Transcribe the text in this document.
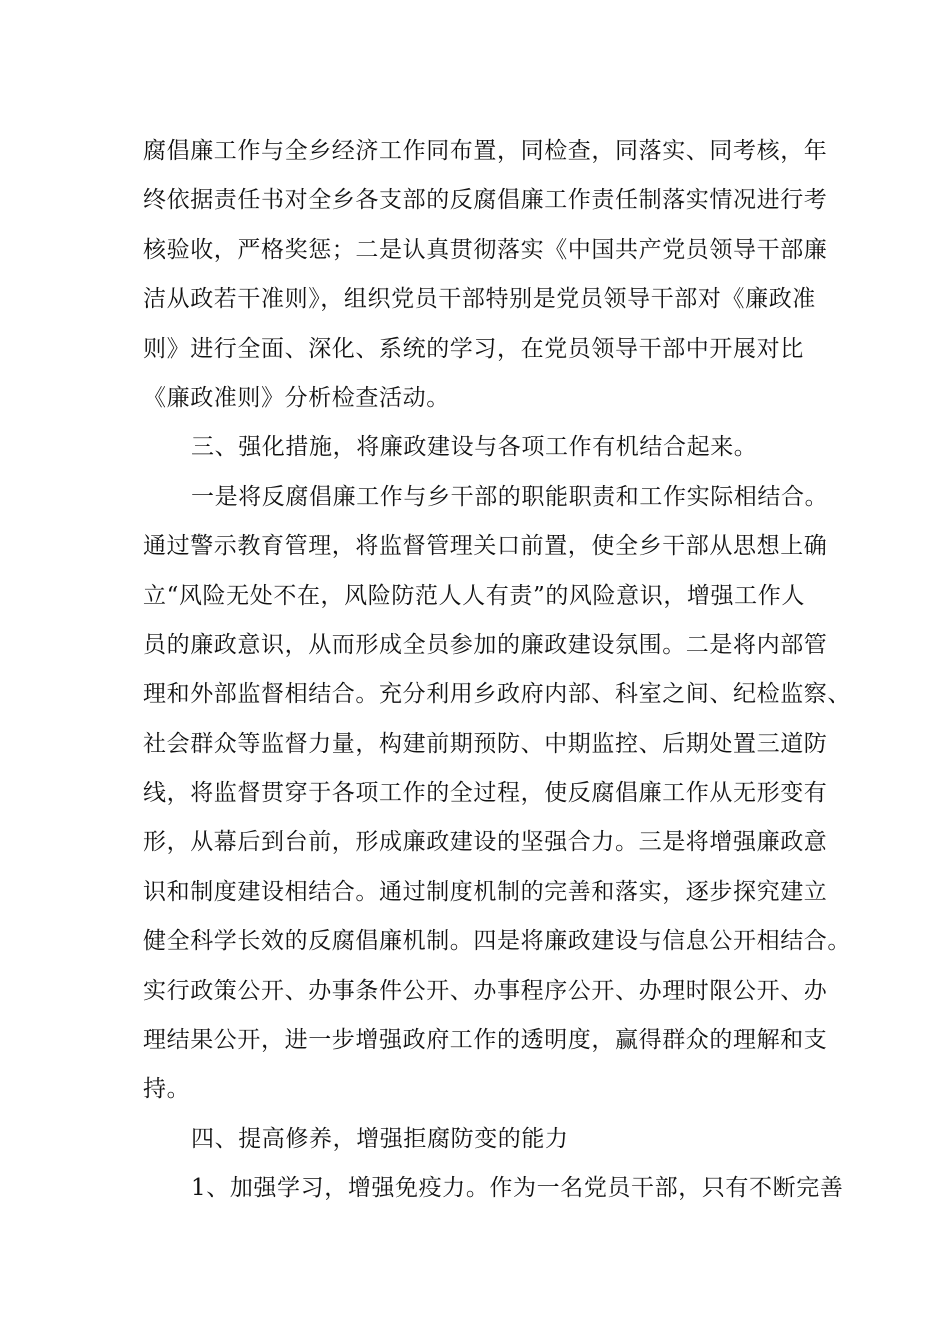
腐倡廉工作与全乡经济工作同布置，同检查，同落实、同考核，年
终依据责任书对全乡各支部的反腐倡廉工作责任制落实情况进行考
核验收，严格奖惩；二是认真贯彻落实《中国共产党员领导干部廉
洁从政若干准则》，组织党员干部特别是党员领导干部对《廉政准
则》进行全面、深化、系统的学习，在党员领导干部中开展对比
《廉政准则》分析检查活动。
三、强化措施，将廉政建设与各项工作有机结合起来。
一是将反腐倡廉工作与乡干部的职能职责和工作实际相结合。
通过警示教育管理，将监督管理关口前置，使全乡干部从思想上确
立“风险无处不在，风险防范人人有责”的风险意识，增强工作人
员的廉政意识，从而形成全员参加的廉政建设氛围。二是将内部管
理和外部监督相结合。充分利用乡政府内部、科室之间、纪检监察、
社会群众等监督力量，构建前期预防、中期监控、后期处置三道防
线，将监督贯穿于各项工作的全过程，使反腐倡廉工作从无形变有
形，从幕后到台前，形成廉政建设的坚强合力。三是将增强廉政意
识和制度建设相结合。通过制度机制的完善和落实，逐步探究建立
健全科学长效的反腐倡廉机制。四是将廉政建设与信息公开相结合。
实行政策公开、办事条件公开、办事程序公开、办理时限公开、办
理结果公开，进一步增强政府工作的透明度，赢得群众的理解和支
持。
四、提高修养，增强拒腐防变的能力
1、加强学习，增强免疫力。作为一名党员干部，只有不断完善
